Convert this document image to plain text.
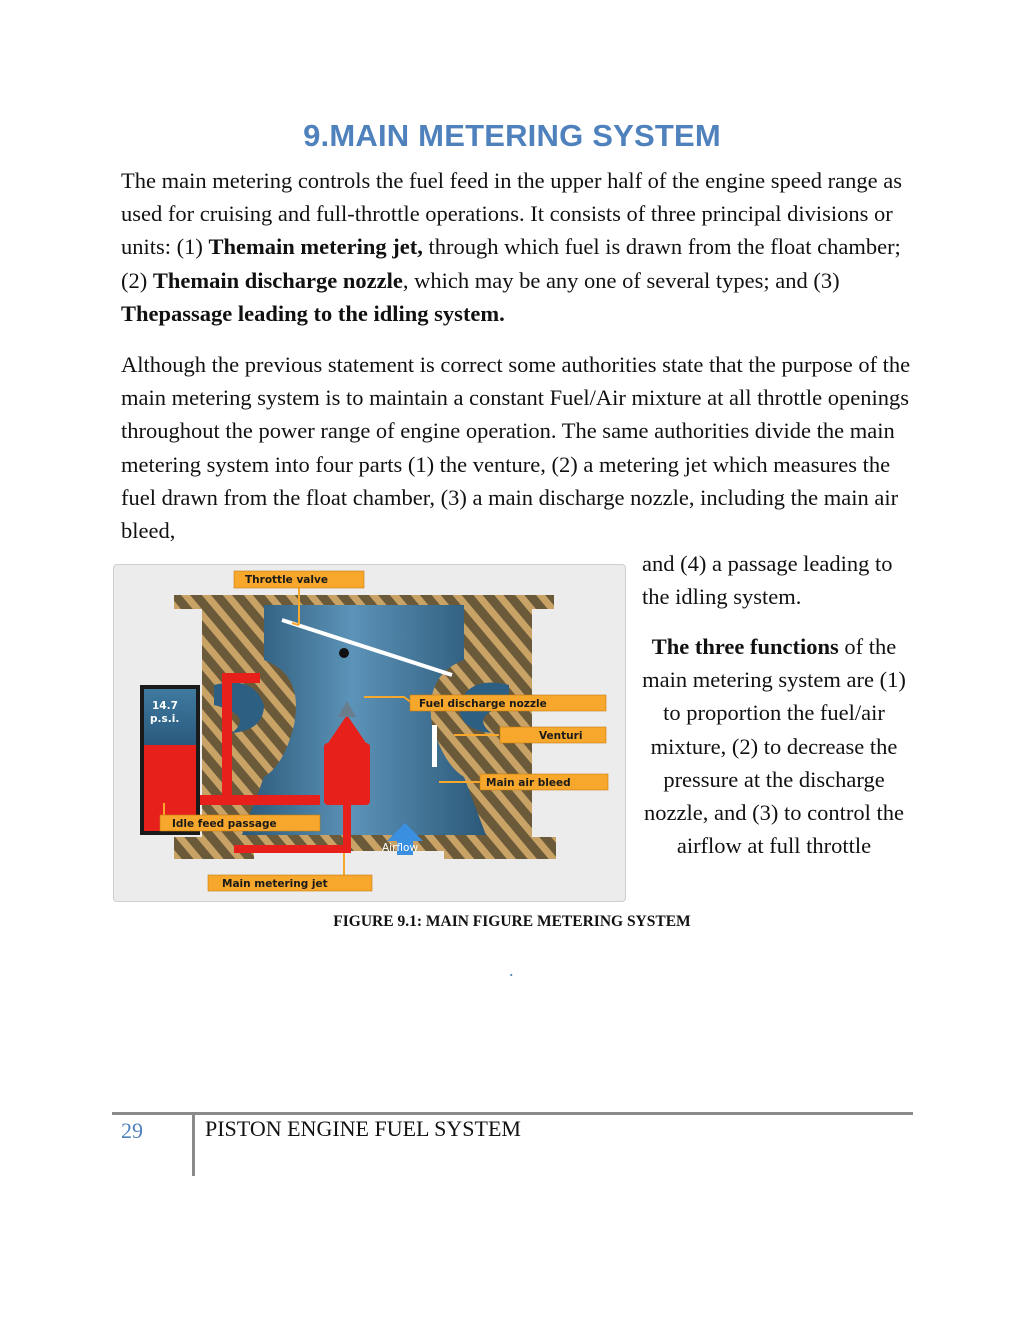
9.MAIN METERING SYSTEM

The main metering controls the fuel feed in the upper half of the engine speed range as used for cruising and full-throttle operations. It consists of three principal divisions or units: (1) Themain metering jet, through which fuel is drawn from the float chamber; (2) Themain discharge nozzle, which may be any one of several types; and (3) Thepassage leading to the idling system.

Although the previous statement is correct some authorities state that the purpose of the main metering system is to maintain a constant Fuel/Air mixture at all throttle openings throughout the power range of engine operation. The same authorities divide the main metering system into four parts (1) the venture, (2) a metering jet which measures the fuel drawn from the float chamber, (3) a main discharge nozzle, including the main air bleed,

and (4) a passage leading to the idling system.

The three functions of the main metering system are (1) to proportion the fuel/air mixture, (2) to decrease the pressure at the discharge nozzle, and (3) to control the airflow at full throttle

14.7
p.s.i.
Airflow
Throttle valve
Fuel discharge nozzle
Venturi
Main air bleed
Idle feed passage
Main metering jet

FIGURE 9.1: MAIN FIGURE METERING SYSTEM

.
29	PISTON ENGINE FUEL SYSTEM
